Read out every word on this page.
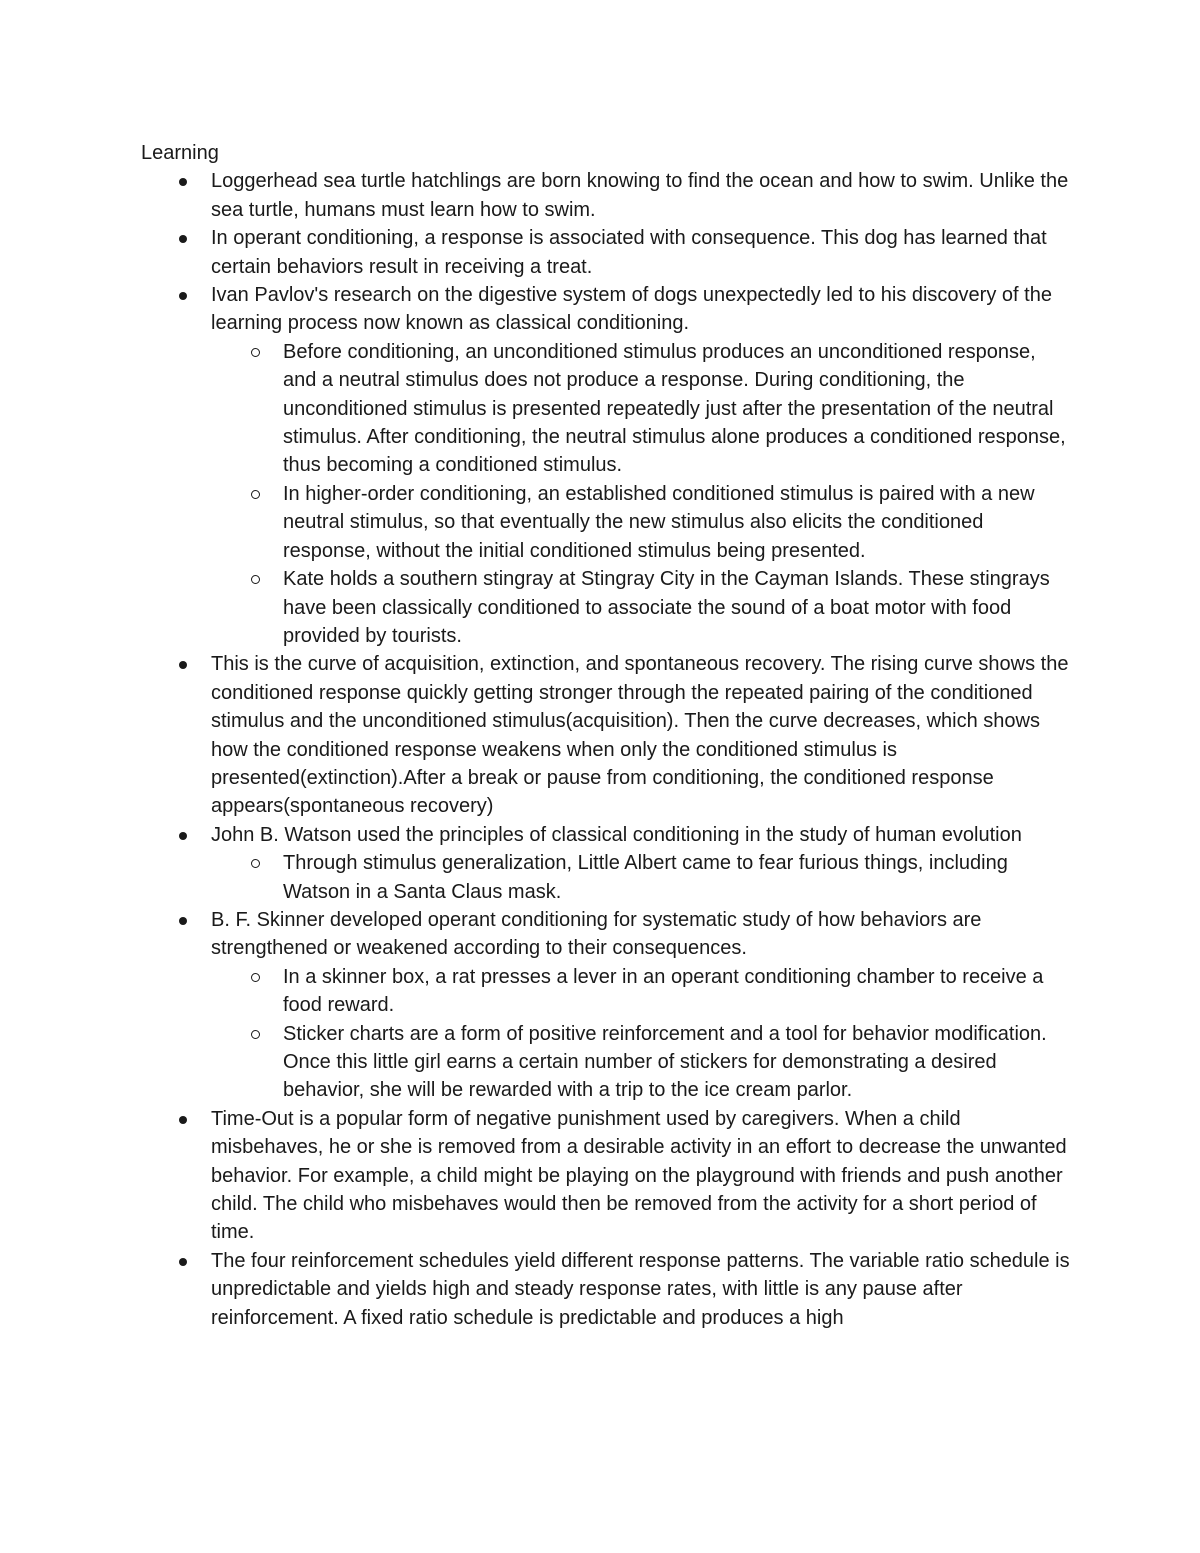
Learning
Loggerhead sea turtle hatchlings are born knowing to find the ocean and how to swim. Unlike the sea turtle, humans must learn how to swim.
In operant conditioning, a response is associated with consequence. This dog has learned that certain behaviors result in receiving a treat.
Ivan Pavlov's research on the digestive system of dogs unexpectedly led to his discovery of the learning process now known as classical conditioning.
Before conditioning, an unconditioned stimulus produces an unconditioned response, and a neutral stimulus does not produce a response. During conditioning, the unconditioned stimulus is presented repeatedly just after the presentation of the neutral stimulus. After conditioning, the neutral stimulus alone produces a conditioned response, thus becoming a conditioned stimulus.
In higher-order conditioning, an established conditioned stimulus is paired with a new neutral stimulus, so that eventually the new stimulus also elicits the conditioned response, without the initial conditioned stimulus being presented.
Kate holds a southern stingray at Stingray City in the Cayman Islands. These stingrays have been classically conditioned to associate the sound of a boat motor with food provided by tourists.
This is the curve of acquisition, extinction, and spontaneous recovery. The rising curve shows the conditioned response quickly getting stronger through the repeated pairing of the conditioned stimulus and the unconditioned stimulus(acquisition). Then the curve decreases, which shows how the conditioned response weakens when only the conditioned stimulus is presented(extinction).After a break or pause from conditioning, the conditioned response appears(spontaneous recovery)
John B. Watson used the principles of classical conditioning in the study of human evolution
Through stimulus generalization, Little Albert came to fear furious things, including Watson in a Santa Claus mask.
B. F. Skinner developed operant conditioning for systematic study of how behaviors are strengthened or weakened according to their consequences.
In a skinner box, a rat presses a lever in an operant conditioning chamber to receive a food reward.
Sticker charts are a form of positive reinforcement and a tool for behavior modification. Once this little girl earns a certain number of stickers for demonstrating a desired behavior, she will be rewarded with a trip to the ice cream parlor.
Time-Out is a popular form of negative punishment used by caregivers. When a child misbehaves, he or she is removed from a desirable activity in an effort to decrease the unwanted behavior. For example, a child might be playing on the playground with friends and push another child. The child who misbehaves would then be removed from the activity for a short period of time.
The four reinforcement schedules yield different response patterns. The variable ratio schedule is unpredictable and yields high and steady response rates, with little is any pause after reinforcement. A fixed ratio schedule is predictable and produces a high
